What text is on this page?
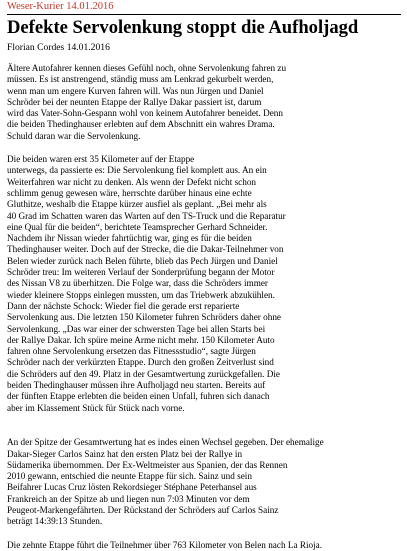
Weser-Kurier 14.01.2016

Defekte Servolenkung stoppt die Aufholjagd

Florian Cordes 14.01.2016

Ältere Autofahrer kennen dieses Gefühl noch, ohne Servolenkung fahren zu
müssen. Es ist anstrengend, ständig muss am Lenkrad gekurbelt werden,
wenn man um engere Kurven fahren will. Was nun Jürgen und Daniel
Schröder bei der neunten Etappe der Rallye Dakar passiert ist, darum
wird das Vater-Sohn-Gespann wohl von keinem Autofahrer beneidet. Denn
die beiden Thedinghauser erlebten auf dem Abschnitt ein wahres Drama.
Schuld daran war die Servolenkung.
Die beiden waren erst 35 Kilometer auf der Etappe
unterwegs, da passierte es: Die Servolenkung fiel komplett aus. An ein
Weiterfahren war nicht zu denken. Als wenn der Defekt nicht schon
schlimm genug gewesen wäre, herrschte darüber hinaus eine echte
Gluthitze, weshalb die Etappe kürzer ausfiel als geplant. „Bei mehr als
40 Grad im Schatten waren das Warten auf den TS-Truck und die Reparatur
eine Qual für die beiden“, berichtete Teamsprecher Gerhard Schneider.
Nachdem ihr Nissan wieder fahrtüchtig war, ging es für die beiden
Thedinghauser weiter. Doch auf der Strecke, die die Dakar-Teilnehmer von
Belen wieder zurück nach Belen führte, blieb das Pech Jürgen und Daniel
Schröder treu: Im weiteren Verlauf der Sonderprüfung begann der Motor
des Nissan V8 zu überhitzen. Die Folge war, dass die Schröders immer
wieder kleinere Stopps einlegen mussten, um das Triebwerk abzukühlen.
Dann der nächste Schock: Wieder fiel die gerade erst reparierte
Servolenkung aus. Die letzten 150 Kilometer fuhren Schröders daher ohne
Servolenkung. „Das war einer der schwersten Tage bei allen Starts bei
der Rallye Dakar. Ich spüre meine Arme nicht mehr. 150 Kilometer Auto
fahren ohne Servolenkung ersetzen das Fitnessstudio“, sagte Jürgen
Schröder nach der verkürzten Etappe. Durch den großen Zeitverlust sind
die Schröders auf den 49. Platz in der Gesamtwertung zurückgefallen. Die
beiden Thedinghauser müssen ihre Aufholjagd neu starten. Bereits auf
der fünften Etappe erlebten die beiden einen Unfall, fuhren sich danach
aber im Klassement Stück für Stück nach vorne.

An der Spitze der Gesamtwertung hat es indes einen Wechsel gegeben. Der ehemalige
Dakar-Sieger Carlos Sainz hat den ersten Platz bei der Rallye in
Südamerika übernommen. Der Ex-Weltmeister aus Spanien, der das Rennen
2010 gewann, entschied die neunte Etappe für sich. Sainz und sein
Beifahrer Lucas Cruz lösten Rekordsieger Stéphane Peterhansel aus
Frankreich an der Spitze ab und liegen nun 7:03 Minuten vor dem
Peugeot-Markengefährten. Der Rückstand der Schröders auf Carlos Sainz
beträgt 14:39:13 Stunden.
Die zehnte Etappe führt die Teilnehmer über 763 Kilometer von Belen nach La Rioja.
